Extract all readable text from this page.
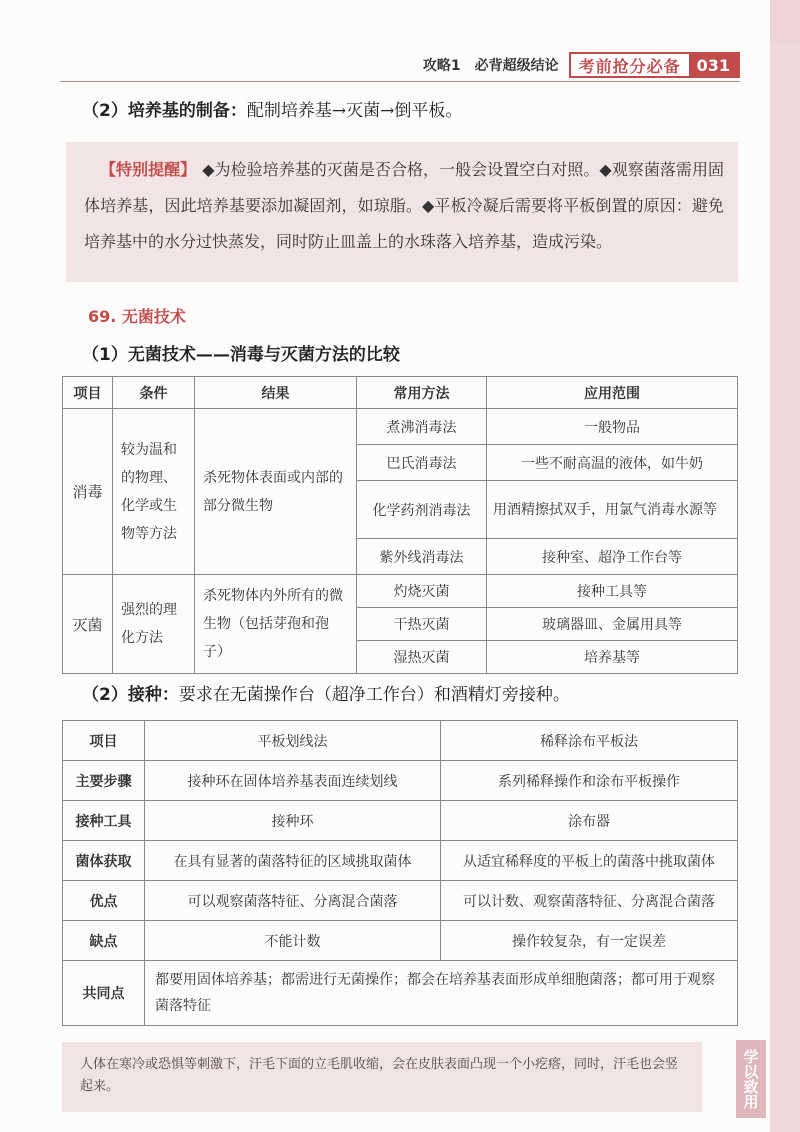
攻略1　必背超级结论	考前抢分必备	031
（2）培养基的制备：配制培养基→灭菌→倒平板。
【特别提醒】 ◆为检验培养基的灭菌是否合格，一般会设置空白对照。◆观察菌落需用固体培养基，因此培养基要添加凝固剂，如琼脂。◆平板冷凝后需要将平板倒置的原因：避免培养基中的水分过快蒸发，同时防止皿盖上的水珠落入培养基，造成污染。
69. 无菌技术
（1）无菌技术——消毒与灭菌方法的比较
项目	条件	结果	常用方法	应用范围
消毒	较为温和的物理、化学或生物等方法	杀死物体表面或内部的部分微生物	煮沸消毒法	一般物品
			巴氏消毒法	一些不耐高温的液体，如牛奶
			化学药剂消毒法	用酒精擦拭双手，用氯气消毒水源等
			紫外线消毒法	接种室、超净工作台等
灭菌	强烈的理化方法	杀死物体内外所有的微生物（包括芽孢和孢子）	灼烧灭菌	接种工具等
			干热灭菌	玻璃器皿、金属用具等
			湿热灭菌	培养基等
（2）接种：要求在无菌操作台（超净工作台）和酒精灯旁接种。
项目	平板划线法	稀释涂布平板法
主要步骤	接种环在固体培养基表面连续划线	系列稀释操作和涂布平板操作
接种工具	接种环	涂布器
菌体获取	在具有显著的菌落特征的区域挑取菌体	从适宜稀释度的平板上的菌落中挑取菌体
优点	可以观察菌落特征、分离混合菌落	可以计数、观察菌落特征、分离混合菌落
缺点	不能计数	操作较复杂，有一定误差
共同点	都要用固体培养基；都需进行无菌操作；都会在培养基表面形成单细胞菌落；都可用于观察菌落特征	
人体在寒冷或恐惧等刺激下，汗毛下面的立毛肌收缩，会在皮肤表面凸现一个小疙瘩，同时，汗毛也会竖起来。	学以致用
